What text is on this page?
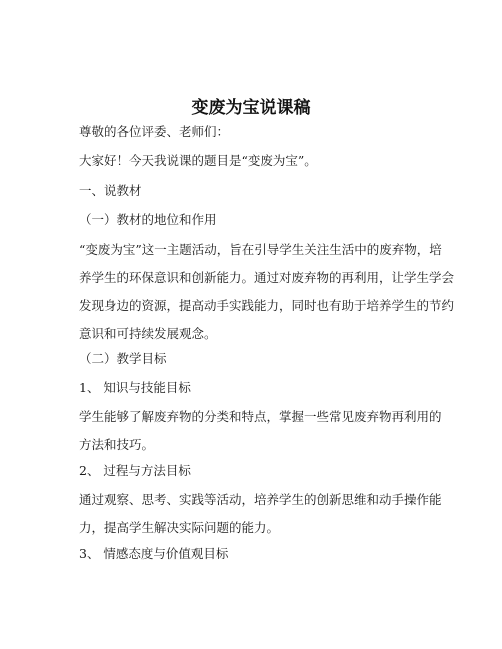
变废为宝说课稿

尊敬的各位评委、老师们：

大家好！今天我说课的题目是“变废为宝”。

一、说教材

（一）教材的地位和作用

“变废为宝”这一主题活动，旨在引导学生关注生活中的废弃物，培
养学生的环保意识和创新能力。通过对废弃物的再利用，让学生学会
发现身边的资源，提高动手实践能力，同时也有助于培养学生的节约
意识和可持续发展观念。

（二）教学目标

1、 知识与技能目标

学生能够了解废弃物的分类和特点，掌握一些常见废弃物再利用的
方法和技巧。

2、 过程与方法目标

通过观察、思考、实践等活动，培养学生的创新思维和动手操作能
力，提高学生解决实际问题的能力。

3、 情感态度与价值观目标
